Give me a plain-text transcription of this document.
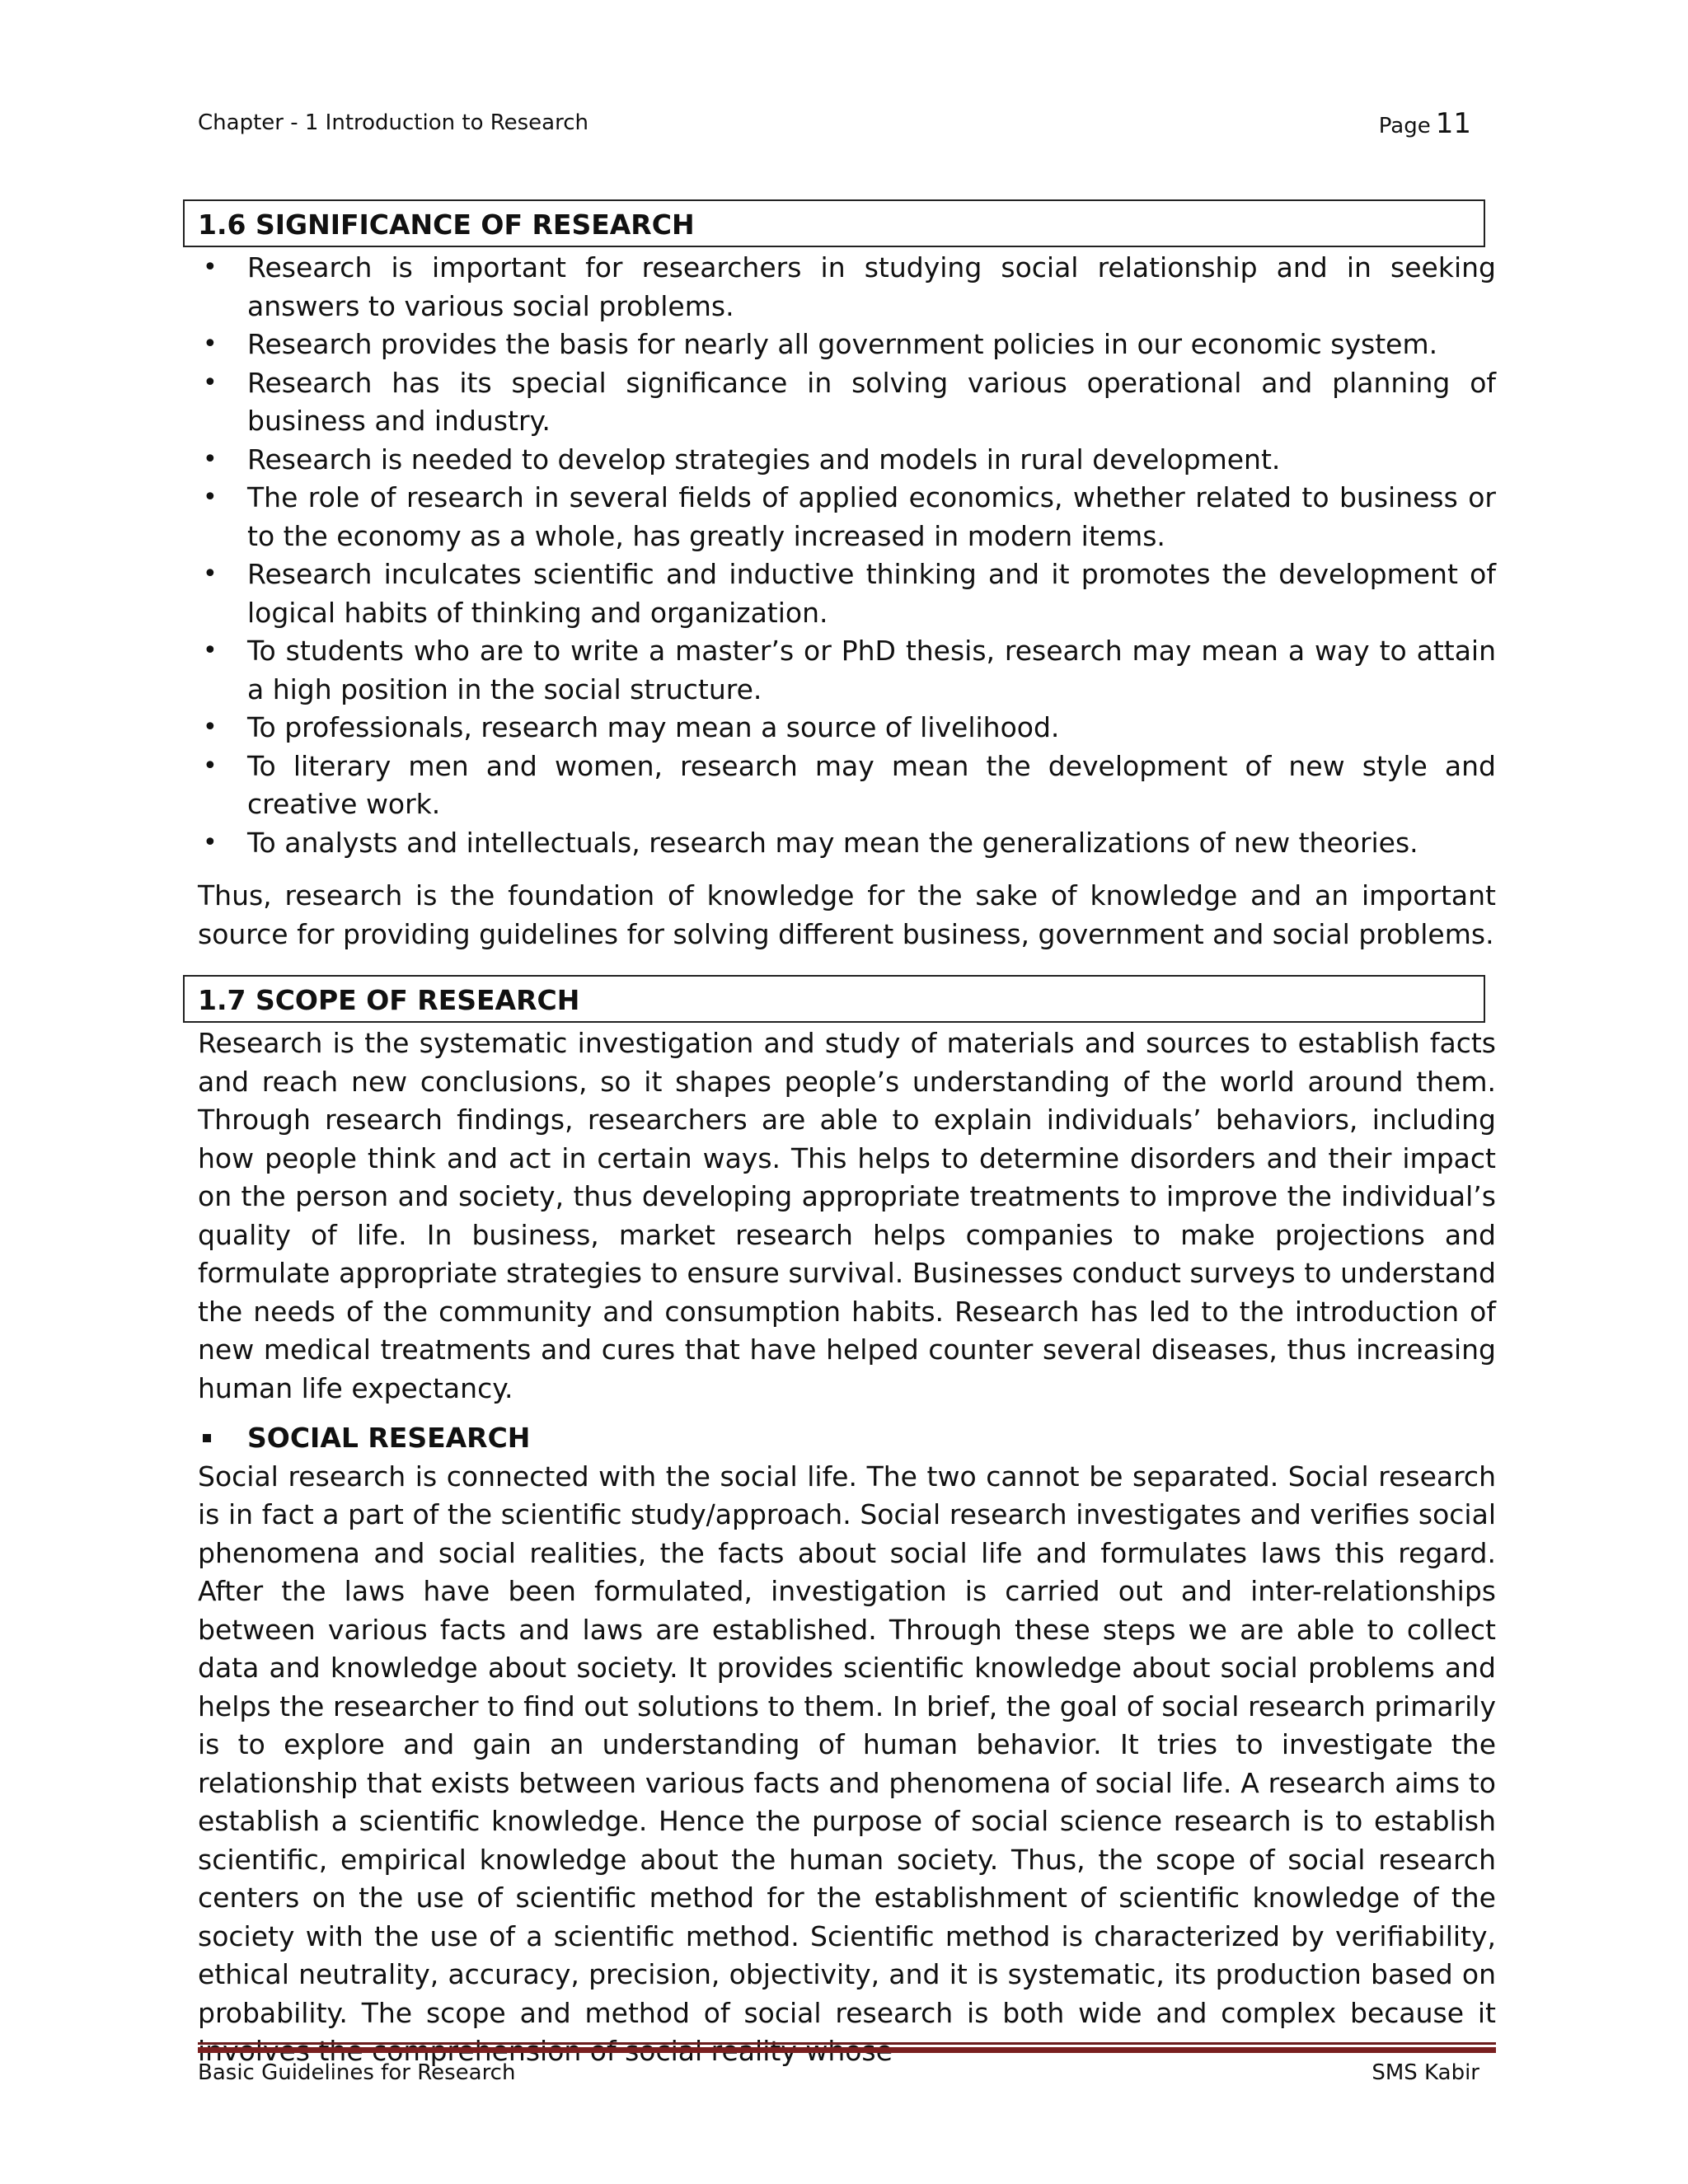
Chapter - 1 Introduction to Research	Page 11
1.6 SIGNIFICANCE OF RESEARCH
• Research is important for researchers in studying social relationship and in seeking answers to various social problems.
• Research provides the basis for nearly all government policies in our economic system.
• Research has its special significance in solving various operational and planning of business and industry.
• Research is needed to develop strategies and models in rural development.
• The role of research in several fields of applied economics, whether related to business or to the economy as a whole, has greatly increased in modern items.
• Research inculcates scientific and inductive thinking and it promotes the development of logical habits of thinking and organization.
• To students who are to write a master’s or PhD thesis, research may mean a way to attain a high position in the social structure.
• To professionals, research may mean a source of livelihood.
• To literary men and women, research may mean the development of new style and creative work.
• To analysts and intellectuals, research may mean the generalizations of new theories.

Thus, research is the foundation of knowledge for the sake of knowledge and an important source for providing guidelines for solving different business, government and social problems.

1.7 SCOPE OF RESEARCH

Research is the systematic investigation and study of materials and sources to establish facts and reach new conclusions, so it shapes people’s understanding of the world around them. Through research findings, researchers are able to explain individuals’ behaviors, including how people think and act in certain ways. This helps to determine disorders and their impact on the person and society, thus developing appropriate treatments to improve the individual’s quality of life. In business, market research helps companies to make projections and formulate appropriate strategies to ensure survival. Businesses conduct surveys to understand the needs of the community and consumption habits. Research has led to the introduction of new medical treatments and cures that have helped counter several diseases, thus increasing human life expectancy.

SOCIAL RESEARCH

Social research is connected with the social life. The two cannot be separated. Social research is in fact a part of the scientific study/approach. Social research investigates and verifies social phenomena and social realities, the facts about social life and formulates laws this regard. After the laws have been formulated, investigation is carried out and inter-relationships between various facts and laws are established. Through these steps we are able to collect data and knowledge about society. It provides scientific knowledge about social problems and helps the researcher to find out solutions to them. In brief, the goal of social research primarily is to explore and gain an understanding of human behavior. It tries to investigate the relationship that exists between various facts and phenomena of social life. A research aims to establish a scientific knowledge. Hence the purpose of social science research is to establish scientific, empirical knowledge about the human society. Thus, the scope of social research centers on the use of scientific method for the establishment of scientific knowledge of the society with the use of a scientific method. Scientific method is characterized by verifiability, ethical neutrality, accuracy, precision, objectivity, and it is systematic, its production based on probability. The scope and method of social research is both wide and complex because it

Basic Guidelines for Research	SMS Kabir
